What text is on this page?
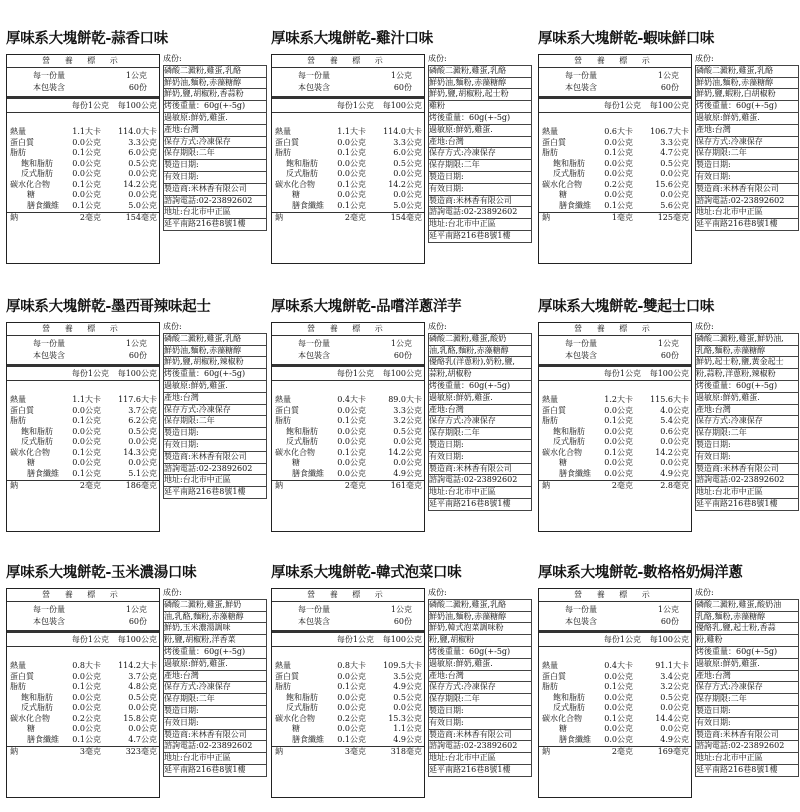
厚味系大塊餅乾-蒜香口味
營 養 標 示
每一份量	1公克
本包裝含	60份
每份1公克	每100公克
熱量	1.1大卡	114.0大卡
蛋白質	0.0公克	3.3公克
脂肪	0.1公克	6.0公克
飽和脂肪	0.0公克	0.5公克
反式脂肪	0.0公克	0.0公克
碳水化合物	0.1公克	14.2公克
糖	0.0公克	0.0公克
膳食纖維	0.1公克	5.0公克
鈉	2毫克	154毫克
成份:
磷酸二澱粉,雞蛋,乳酪
鮮奶油,麵粉,赤藻糖醇
鮮奶,鹽,胡椒粉,香蒜粉
烤後重量：60g(+-5g)
過敏原:鮮奶,雞蛋.
產地:台灣
保存方式:冷凍保存
保存期限:二年
製造日期:
有效日期:
製造商:米林香有限公司
諮詢電話:02-23892602
地址:台北市中正區
延平南路216巷8號1樓
厚味系大塊餅乾-雞汁口味
營 養 標 示
每一份量	1公克
本包裝含	60份
每份1公克	每100公克
熱量	1.1大卡	114.0大卡
蛋白質	0.0公克	3.3公克
脂肪	0.1公克	6.0公克
飽和脂肪	0.0公克	0.5公克
反式脂肪	0.0公克	0.0公克
碳水化合物	0.1公克	14.2公克
糖	0.0公克	0.0公克
膳食纖維	0.1公克	5.0公克
鈉	2毫克	154毫克
成份:
磷酸二澱粉,雞蛋,乳酪
鮮奶油,麵粉,赤藻糖醇
鮮奶,鹽,胡椒粉,起士粉
雞粉
烤後重量：60g(+-5g)
過敏原:鮮奶,雞蛋.
產地:台灣
保存方式:冷凍保存
保存期限:二年
製造日期:
有效日期:
製造商:米林香有限公司
諮詢電話:02-23892602
地址:台北市中正區
延平南路216巷8號1樓
厚味系大塊餅乾-蝦味鮮口味
營 養 標 示
每一份量	1公克
本包裝含	60份
每份1公克	每100公克
熱量	0.6大卡	106.7大卡
蛋白質	0.0公克	3.3公克
脂肪	0.1公克	4.7公克
飽和脂肪	0.0公克	0.5公克
反式脂肪	0.0公克	0.0公克
碳水化合物	0.2公克	15.6公克
糖	0.0公克	0.0公克
膳食纖維	0.1公克	5.6公克
鈉	1毫克	125毫克
成份:
磷酸二澱粉,雞蛋,乳酪
鮮奶油,麵粉,赤藻糖醇
鮮奶,鹽,蝦粉,白胡椒粉
烤後重量：60g(+-5g)
過敏原:鮮奶,雞蛋.
產地:台灣
保存方式:冷凍保存
保存期限:二年
製造日期:
有效日期:
製造商:米林香有限公司
諮詢電話:02-23892602
地址:台北市中正區
延平南路216巷8號1樓
厚味系大塊餅乾-墨西哥辣味起士
營 養 標 示
每一份量	1公克
本包裝含	60份
每份1公克	每100公克
熱量	1.1大卡	117.6大卡
蛋白質	0.0公克	3.7公克
脂肪	0.1公克	6.2公克
飽和脂肪	0.0公克	0.5公克
反式脂肪	0.0公克	0.0公克
碳水化合物	0.1公克	14.3公克
糖	0.0公克	0.0公克
膳食纖維	0.1公克	5.1公克
鈉	2毫克	186毫克
成份:
磷酸二澱粉,雞蛋,乳酪
鮮奶油,麵粉,赤藻糖醇
鮮奶,鹽,胡椒粉,辣椒粉
烤後重量：60g(+-5g)
過敏原:鮮奶,雞蛋.
產地:台灣
保存方式:冷凍保存
保存期限:二年
製造日期:
有效日期:
製造商:米林香有限公司
諮詢電話:02-23892602
地址:台北市中正區
延平南路216巷8號1樓
厚味系大塊餅乾-品嚐洋蔥洋芋
營 養 標 示
每一份量	1公克
本包裝含	60份
每份1公克	每100公克
熱量	0.4大卡	89.0大卡
蛋白質	0.0公克	3.3公克
脂肪	0.1公克	3.2公克
飽和脂肪	0.0公克	0.5公克
反式脂肪	0.0公克	0.0公克
碳水化合物	0.1公克	14.2公克
糖	0.0公克	0.0公克
膳食纖維	0.0公克	4.9公克
鈉	2毫克	161毫克
成份:
磷酸二澱粉,雞蛋,酸奶
油,乳酪,麵粉,赤藻糖醇
優酪乳(洋蔥粉),奶粉,鹽,
蒜粉,胡椒粉
烤後重量：60g(+-5g)
過敏原:鮮奶,雞蛋.
產地:台灣
保存方式:冷凍保存
保存期限:二年
製造日期:
有效日期:
製造商:米林香有限公司
諮詢電話:02-23892602
地址:台北市中正區
延平南路216巷8號1樓
厚味系大塊餅乾-雙起士口味
營 養 標 示
每一份量	1公克
本包裝含	60份
每份1公克	每100公克
熱量	1.2大卡	115.6大卡
蛋白質	0.0公克	4.0公克
脂肪	0.1公克	5.4公克
飽和脂肪	0.0公克	0.6公克
反式脂肪	0.0公克	0.0公克
碳水化合物	0.1公克	14.2公克
糖	0.0公克	0.0公克
膳食纖維	0.0公克	4.9公克
鈉	2毫克	2.8毫克
成份:
磷酸二澱粉,雞蛋,鮮奶油,
乳酪,麵粉,赤藻糖醇
鮮奶,起士粉,鹽,黃金起士
粉,蒜粉,洋蔥粉,辣椒粉
烤後重量：60g(+-5g)
過敏原:鮮奶,雞蛋.
產地:台灣
保存方式:冷凍保存
保存期限:二年
製造日期:
有效日期:
製造商:米林香有限公司
諮詢電話:02-23892602
地址:台北市中正區
延平南路216巷8號1樓
厚味系大塊餅乾-玉米濃湯口味
營 養 標 示
每一份量	1公克
本包裝含	60份
每份1公克	每100公克
熱量	0.8大卡	114.2大卡
蛋白質	0.0公克	3.7公克
脂肪	0.1公克	4.8公克
飽和脂肪	0.0公克	0.5公克
反式脂肪	0.0公克	0.0公克
碳水化合物	0.2公克	15.8公克
糖	0.0公克	0.0公克
膳食纖維	0.1公克	4.7公克
鈉	3毫克	323毫克
成份:
磷酸二澱粉,雞蛋,鮮奶
油,乳酪,麵粉,赤藻糖醇
鮮奶,玉米濃湯調味
粉,鹽,胡椒粉,洋香菜
烤後重量：60g(+-5g)
過敏原:鮮奶,雞蛋.
產地:台灣
保存方式:冷凍保存
保存期限:二年
製造日期:
有效日期:
製造商:米林香有限公司
諮詢電話:02-23892602
地址:台北市中正區
延平南路216巷8號1樓
厚味系大塊餅乾-韓式泡菜口味
營 養 標 示
每一份量	1公克
本包裝含	60份
每份1公克	每100公克
熱量	0.8大卡	109.5大卡
蛋白質	0.0公克	3.5公克
脂肪	0.1公克	4.9公克
飽和脂肪	0.0公克	0.5公克
反式脂肪	0.0公克	0.0公克
碳水化合物	0.2公克	15.3公克
糖	0.0公克	1.1公克
膳食纖維	0.1公克	4.9公克
鈉	3毫克	318毫克
成份:
磷酸二澱粉,雞蛋,乳酪
鮮奶油,麵粉,赤藻糖醇
鮮奶,韓式泡菜調味粉
粉,鹽,胡椒粉
烤後重量：60g(+-5g)
過敏原:鮮奶,雞蛋.
產地:台灣
保存方式:冷凍保存
保存期限:二年
製造日期:
有效日期:
製造商:米林香有限公司
諮詢電話:02-23892602
地址:台北市中正區
延平南路216巷8號1樓
厚味系大塊餅乾-數格格奶焗洋蔥
營 養 標 示
每一份量	1公克
本包裝含	60份
每份1公克	每100公克
熱量	0.4大卡	91.1大卡
蛋白質	0.0公克	3.4公克
脂肪	0.1公克	3.2公克
飽和脂肪	0.0公克	0.5公克
反式脂肪	0.0公克	0.0公克
碳水化合物	0.1公克	14.4公克
糖	0.0公克	0.0公克
膳食纖維	0.0公克	4.9公克
鈉	2毫克	169毫克
成份:
磷酸二澱粉,雞蛋,酸奶油
乳酪,麵粉,赤藻糖醇
優酪乳,鹽,起士粉,香蒜
粉,雞粉
烤後重量：60g(+-5g)
過敏原:鮮奶,雞蛋.
產地:台灣
保存方式:冷凍保存
保存期限:二年
製造日期:
有效日期:
製造商:米林香有限公司
諮詢電話:02-23892602
地址:台北市中正區
延平南路216巷8號1樓
